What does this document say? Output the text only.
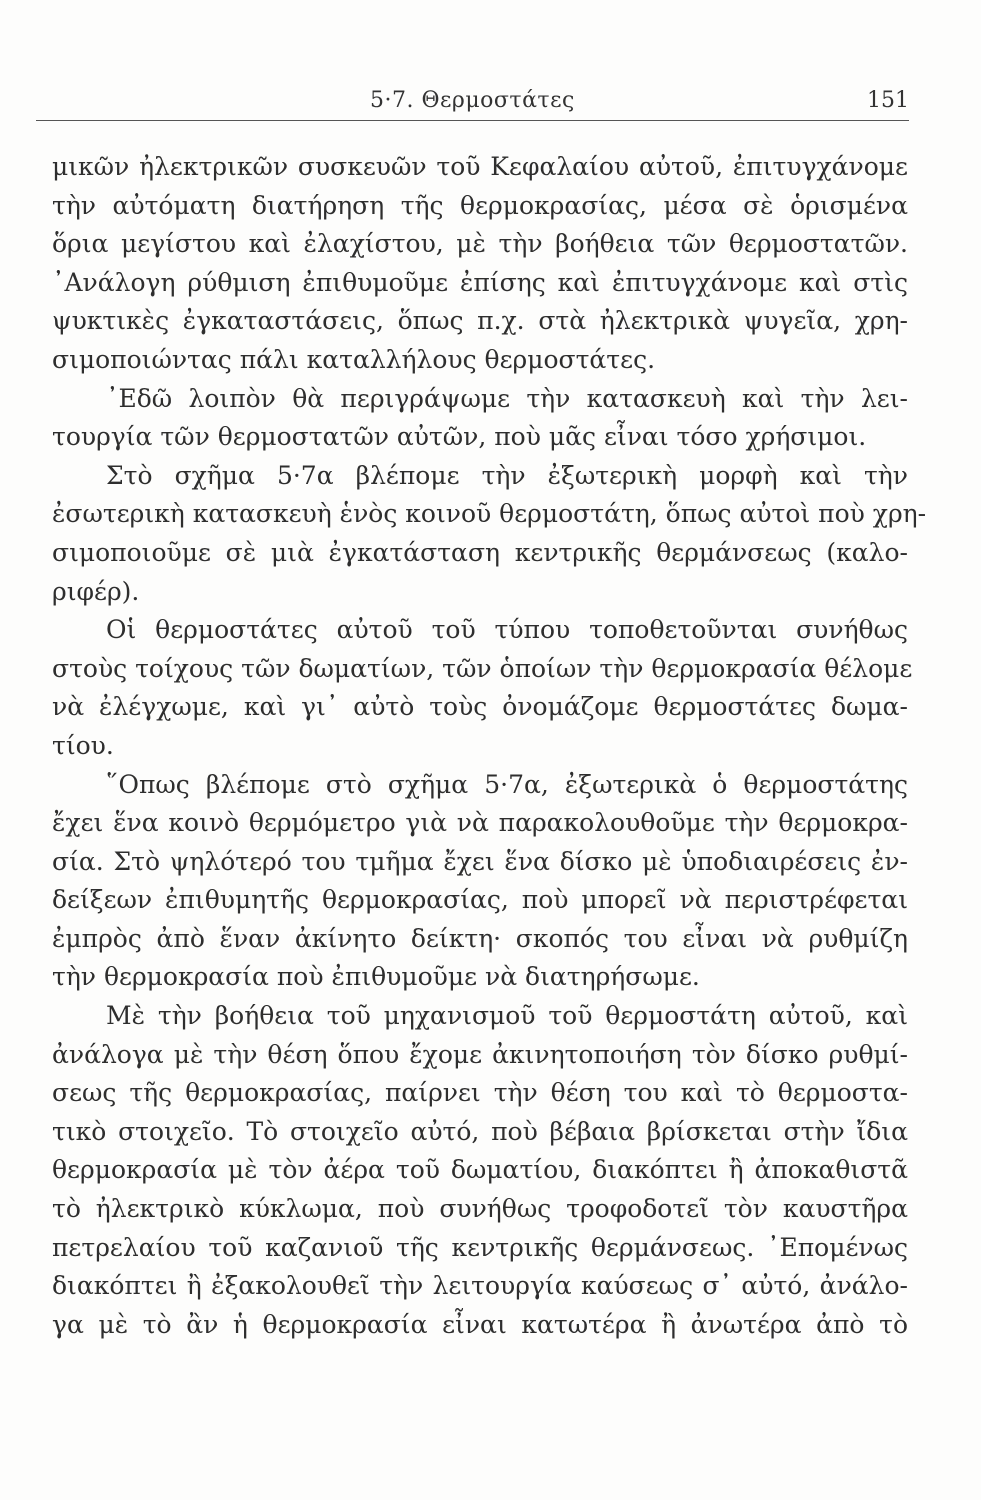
5·7. Θερμοστάτες	151
μικῶν ἠλεκτρικῶν συσκευῶν τοῦ Κεφαλαίου αὐτοῦ, ἐπιτυγχάνομε
τὴν αὐτόματη διατήρηση τῆς θερμοκρασίας, μέσα σὲ ὁρισμένα
ὅρια μεγίστου καὶ ἐλαχίστου, μὲ τὴν βοήθεια τῶν θερμοστατῶν.
᾿Ανάλογη ρύθμιση ἐπιθυμοῦμε ἐπίσης καὶ ἐπιτυγχάνομε καὶ στὶς
ψυκτικὲς ἐγκαταστάσεις, ὅπως π.χ. στὰ ἠλεκτρικὰ ψυγεῖα, χρη-
σιμοποιώντας πάλι καταλλήλους θερμοστάτες.
᾿Εδῶ λοιπὸν θὰ περιγράψωμε τὴν κατασκευὴ καὶ τὴν λει-
τουργία τῶν θερμοστατῶν αὐτῶν, ποὺ μᾶς εἶναι τόσο χρήσιμοι.
Στὸ σχῆμα 5·7α βλέπομε τὴν ἐξωτερικὴ μορφὴ καὶ τὴν
ἐσωτερικὴ κατασκευὴ ἑνὸς κοινοῦ θερμοστάτη, ὅπως αὐτοὶ ποὺ χρη-
σιμοποιοῦμε σὲ μιὰ ἐγκατάσταση κεντρικῆς θερμάνσεως (καλο-
ριφέρ).
Οἱ θερμοστάτες αὐτοῦ τοῦ τύπου τοποθετοῦνται συνήθως
στοὺς τοίχους τῶν δωματίων, τῶν ὁποίων τὴν θερμοκρασία θέλομε
νὰ ἐλέγχωμε, καὶ γι᾿ αὐτὸ τοὺς ὀνομάζομε θερμοστάτες δωμα-
τίου.
῞Οπως βλέπομε στὸ σχῆμα 5·7α, ἐξωτερικὰ ὁ θερμοστάτης
ἔχει ἕνα κοινὸ θερμόμετρο γιὰ νὰ παρακολουθοῦμε τὴν θερμοκρα-
σία. Στὸ ψηλότερό του τμῆμα ἔχει ἕνα δίσκο μὲ ὑποδιαιρέσεις ἐν-
δείξεων ἐπιθυμητῆς θερμοκρασίας, ποὺ μπορεῖ νὰ περιστρέφεται
ἐμπρὸς ἀπὸ ἕναν ἀκίνητο δείκτη· σκοπός του εἶναι νὰ ρυθμίζη
τὴν θερμοκρασία ποὺ ἐπιθυμοῦμε νὰ διατηρήσωμε.
Μὲ τὴν βοήθεια τοῦ μηχανισμοῦ τοῦ θερμοστάτη αὐτοῦ, καὶ
ἀνάλογα μὲ τὴν θέση ὅπου ἔχομε ἀκινητοποιήση τὸν δίσκο ρυθμί-
σεως τῆς θερμοκρασίας, παίρνει τὴν θέση του καὶ τὸ θερμοστα-
τικὸ στοιχεῖο. Τὸ στοιχεῖο αὐτό, ποὺ βέβαια βρίσκεται στὴν ἴδια
θερμοκρασία μὲ τὸν ἀέρα τοῦ δωματίου, διακόπτει ἢ ἀποκαθιστᾶ
τὸ ἠλεκτρικὸ κύκλωμα, ποὺ συνήθως τροφοδοτεῖ τὸν καυστῆρα
πετρελαίου τοῦ καζανιοῦ τῆς κεντρικῆς θερμάνσεως. ᾿Επομένως
διακόπτει ἢ ἐξακολουθεῖ τὴν λειτουργία καύσεως σ᾿ αὐτό, ἀνάλο-
γα μὲ τὸ ἂν ἡ θερμοκρασία εἶναι κατωτέρα ἢ ἀνωτέρα ἀπὸ τὸ
